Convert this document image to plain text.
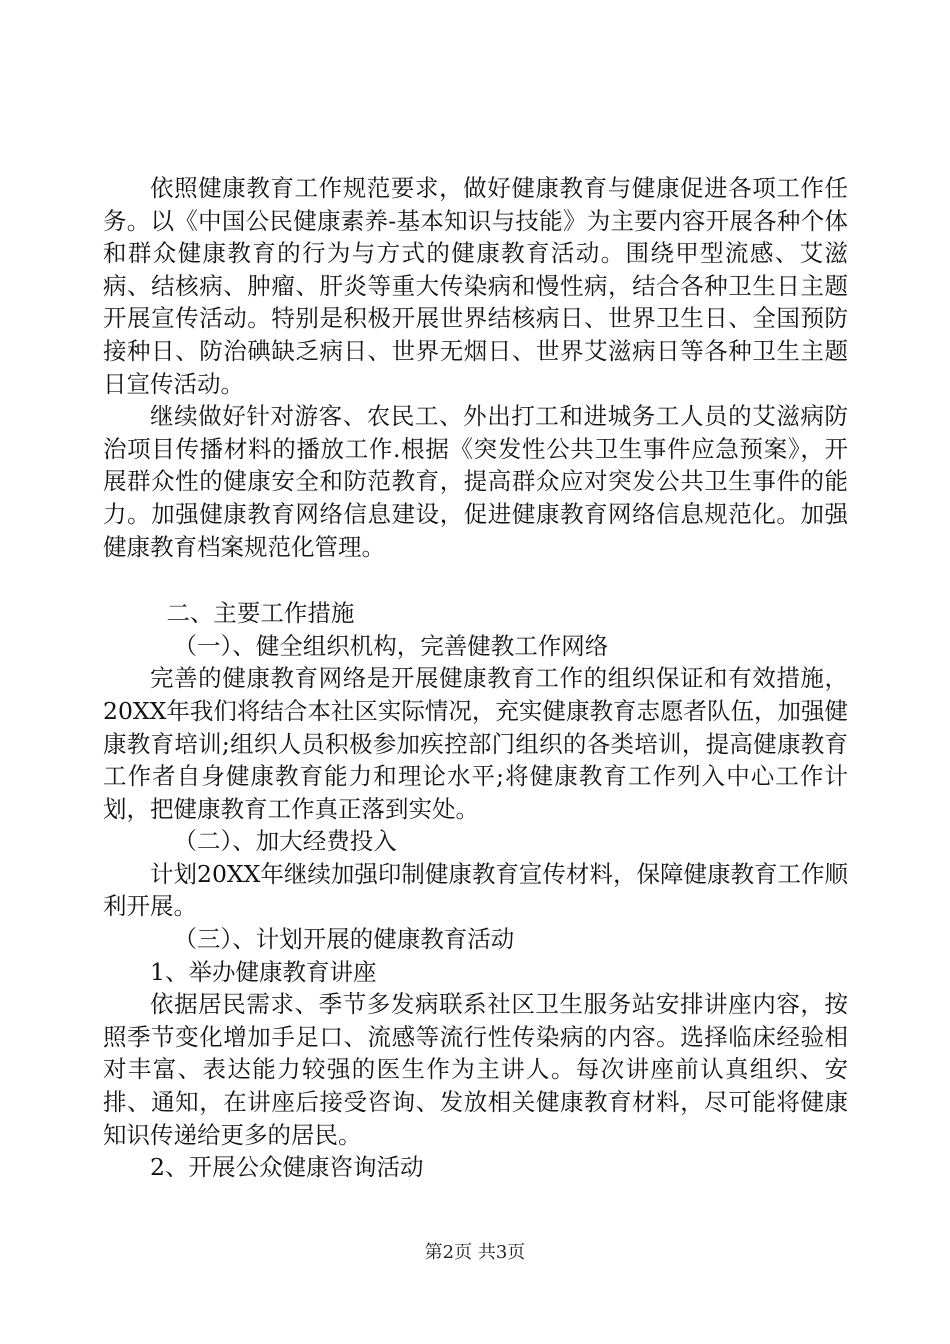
依照健康教育工作规范要求，做好健康教育与健康促进各项工作任务。以《中国公民健康素养-基本知识与技能》为主要内容开展各种个体和群众健康教育的行为与方式的健康教育活动。围绕甲型流感、艾滋病、结核病、肿瘤、肝炎等重大传染病和慢性病，结合各种卫生日主题开展宣传活动。特别是积极开展世界结核病日、世界卫生日、全国预防接种日、防治碘缺乏病日、世界无烟日、世界艾滋病日等各种卫生主题日宣传活动。

继续做好针对游客、农民工、外出打工和进城务工人员的艾滋病防治项目传播材料的播放工作.根据《突发性公共卫生事件应急预案》，开展群众性的健康安全和防范教育，提高群众应对突发公共卫生事件的能力。加强健康教育网络信息建设，促进健康教育网络信息规范化。加强健康教育档案规范化管理。

二、主要工作措施

（一）、健全组织机构，完善健教工作网络

完善的健康教育网络是开展健康教育工作的组织保证和有效措施，20XX年我们将结合本社区实际情况，充实健康教育志愿者队伍，加强健康教育培训;组织人员积极参加疾控部门组织的各类培训，提高健康教育工作者自身健康教育能力和理论水平;将健康教育工作列入中心工作计划，把健康教育工作真正落到实处。

（二）、加大经费投入

计划20XX年继续加强印制健康教育宣传材料，保障健康教育工作顺利开展。

（三）、计划开展的健康教育活动

1、举办健康教育讲座

依据居民需求、季节多发病联系社区卫生服务站安排讲座内容，按照季节变化增加手足口、流感等流行性传染病的内容。选择临床经验相对丰富、表达能力较强的医生作为主讲人。每次讲座前认真组织、安排、通知，在讲座后接受咨询、发放相关健康教育材料，尽可能将健康知识传递给更多的居民。

2、开展公众健康咨询活动

第2页 共3页
